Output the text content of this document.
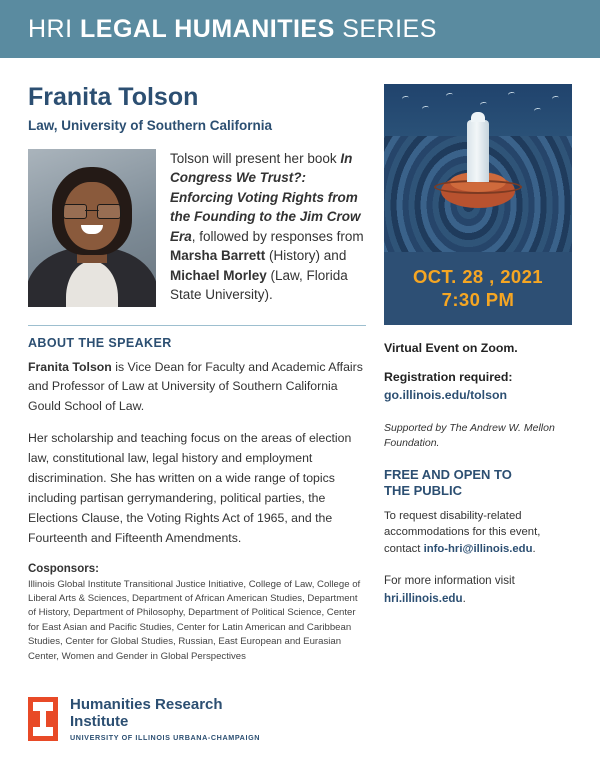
HRI LEGAL HUMANITIES SERIES
Franita Tolson
Law, University of Southern California
Tolson will present her book In Congress We Trust?: Enforcing Voting Rights from the Founding to the Jim Crow Era, followed by responses from Marsha Barrett (History) and Michael Morley (Law, Florida State University).
ABOUT THE SPEAKER

Franita Tolson is Vice Dean for Faculty and Academic Affairs and Professor of Law at University of Southern California Gould School of Law.

Her scholarship and teaching focus on the areas of election law, constitutional law, legal history and employment discrimination. She has written on a wide range of topics including partisan gerrymandering, political parties, the Elections Clause, the Voting Rights Act of 1965, and the Fourteenth and Fifteenth Amendments.

Cosponsors:

Illinois Global Institute Transitional Justice Initiative, College of Law, College of Liberal Arts & Sciences, Department of African American Studies, Department of History, Department of Philosophy, Department of Political Science, Center for East Asian and Pacific Studies, Center for Latin American and Caribbean Studies, Center for Global Studies, Russian, East European and Eurasian Center, Women and Gender in Global Perspectives

OCT. 28 , 2021
7:30 PM
Virtual Event on Zoom.
Registration required:
go.illinois.edu/tolson

Supported by The Andrew W. Mellon Foundation.

FREE AND OPEN TO
THE PUBLIC

To request disability-related accommodations for this event, contact info-hri@illinois.edu.

For more information visit
hri.illinois.edu.

Humanities Research
Institute
UNIVERSITY OF ILLINOIS URBANA-CHAMPAIGN
